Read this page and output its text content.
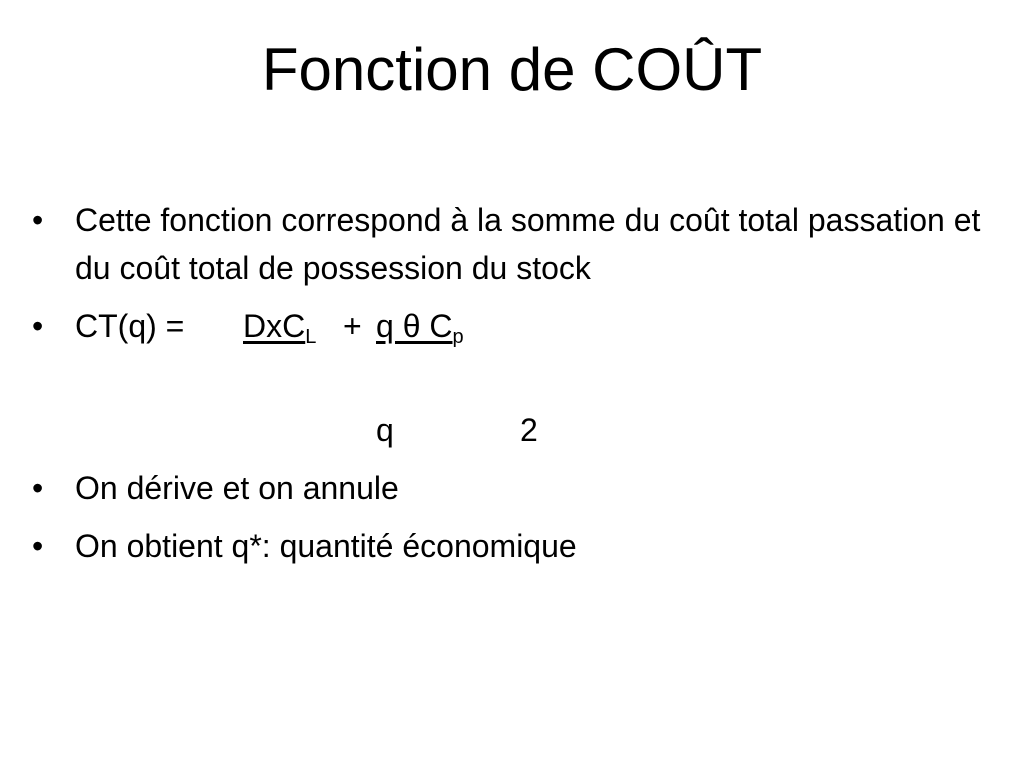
Fonction de COÛT
• Cette fonction correspond à la somme du coût total passation et du coût total de possession du stock
• CT(q) = DxC$_L$ + q θ $C_p$
q	2
• On dérive et on annule
• On obtient q*: quantité économique
